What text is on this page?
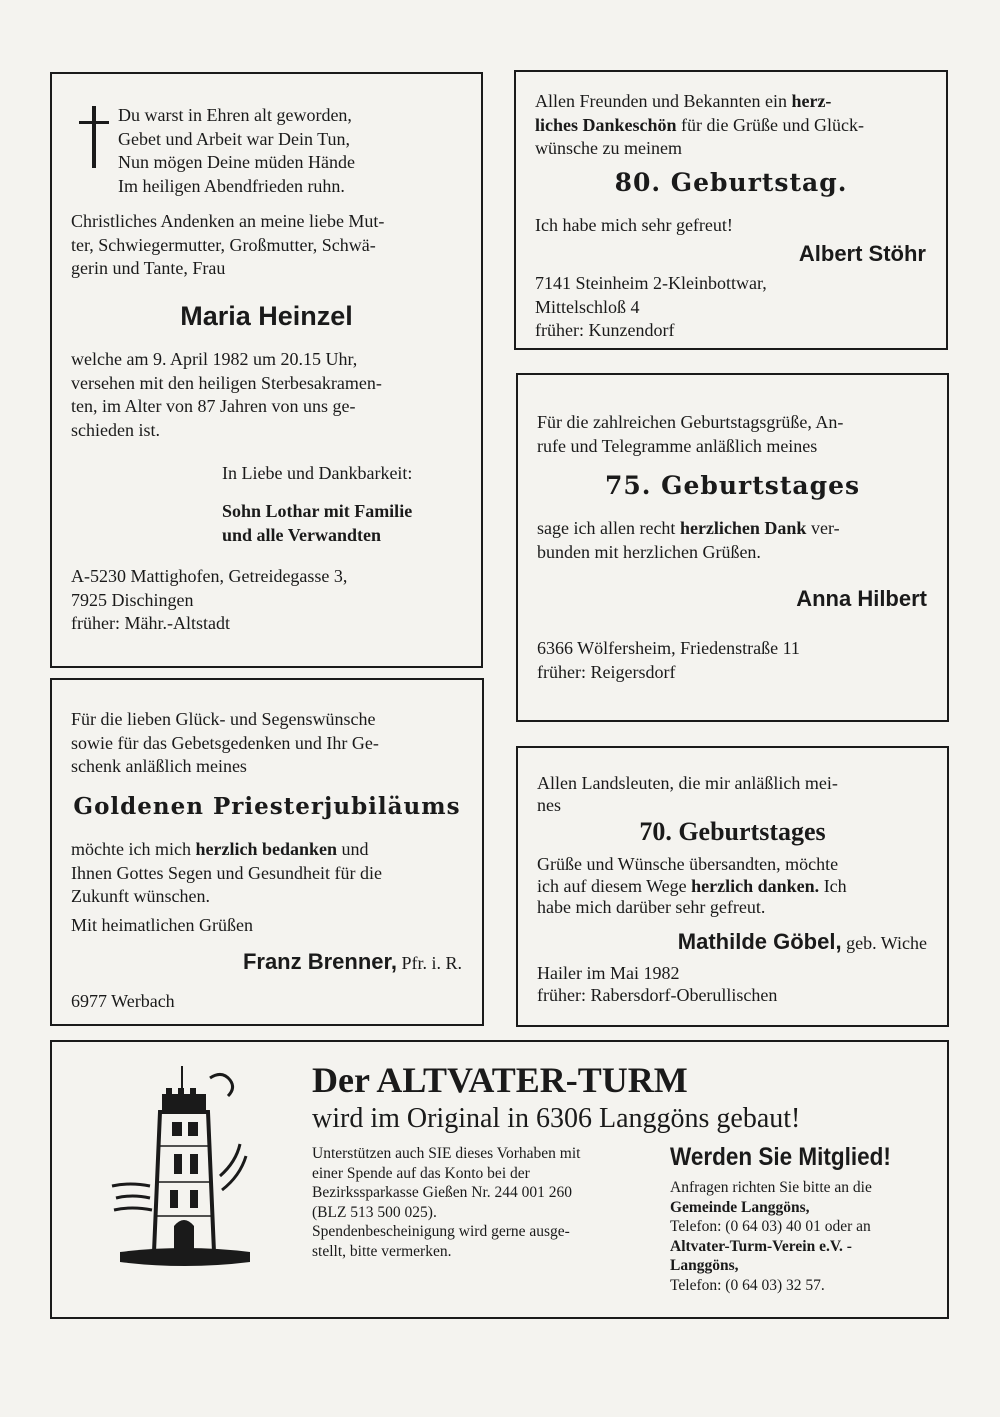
Du warst in Ehren alt geworden,
Gebet und Arbeit war Dein Tun,
Nun mögen Deine müden Hände
Im heiligen Abendfrieden ruhn.
Christliches Andenken an meine liebe Mut-
ter, Schwiegermutter, Großmutter, Schwä-
gerin und Tante, Frau
Maria Heinzel
welche am 9. April 1982 um 20.15 Uhr,
versehen mit den heiligen Sterbesakramen-
ten, im Alter von 87 Jahren von uns ge-
schieden ist.
In Liebe und Dankbarkeit:
Sohn Lothar mit Familie
und alle Verwandten
A-5230 Mattighofen, Getreidegasse 3,
7925 Dischingen
früher: Mähr.-Altstadt
Allen Freunden und Bekannten ein herz-
liches Dankeschön für die Grüße und Glück-
wünsche zu meinem
80. Geburtstag.
Ich habe mich sehr gefreut!
Albert Stöhr
7141 Steinheim 2-Kleinbottwar,
Mittelschloß 4
früher: Kunzendorf
Für die zahlreichen Geburtstagsgrüße, An-
rufe und Telegramme anläßlich meines
75. Geburtstages
sage ich allen recht herzlichen Dank ver-
bunden mit herzlichen Grüßen.
Anna Hilbert
6366 Wölfersheim, Friedenstraße 11
früher: Reigersdorf
Für die lieben Glück- und Segenswünsche
sowie für das Gebetsgedenken und Ihr Ge-
schenk anläßlich meines
Goldenen Priesterjubiläums
möchte ich mich herzlich bedanken und
Ihnen Gottes Segen und Gesundheit für die
Zukunft wünschen.
Mit heimatlichen Grüßen
Franz Brenner, Pfr. i. R.
6977 Werbach
Allen Landsleuten, die mir anläßlich mei-
nes
70. Geburtstages
Grüße und Wünsche übersandten, möchte
ich auf diesem Wege herzlich danken. Ich
habe mich darüber sehr gefreut.
Mathilde Göbel, geb. Wiche
Hailer im Mai 1982
früher: Rabersdorf-Oberullischen
Der ALTVATER-TURM
wird im Original in 6306 Langgöns gebaut!
Unterstützen auch SIE dieses Vorhaben mit
einer Spende auf das Konto bei der
Bezirkssparkasse Gießen Nr. 244 001 260
(BLZ 513 500 025).
Spendenbescheinigung wird gerne ausge-
stellt, bitte vermerken.
Werden Sie Mitglied!
Anfragen richten Sie bitte an die
Gemeinde Langgöns,
Telefon: (0 64 03) 40 01 oder an
Altvater-Turm-Verein e.V. -
Langgöns,
Telefon: (0 64 03) 32 57.
